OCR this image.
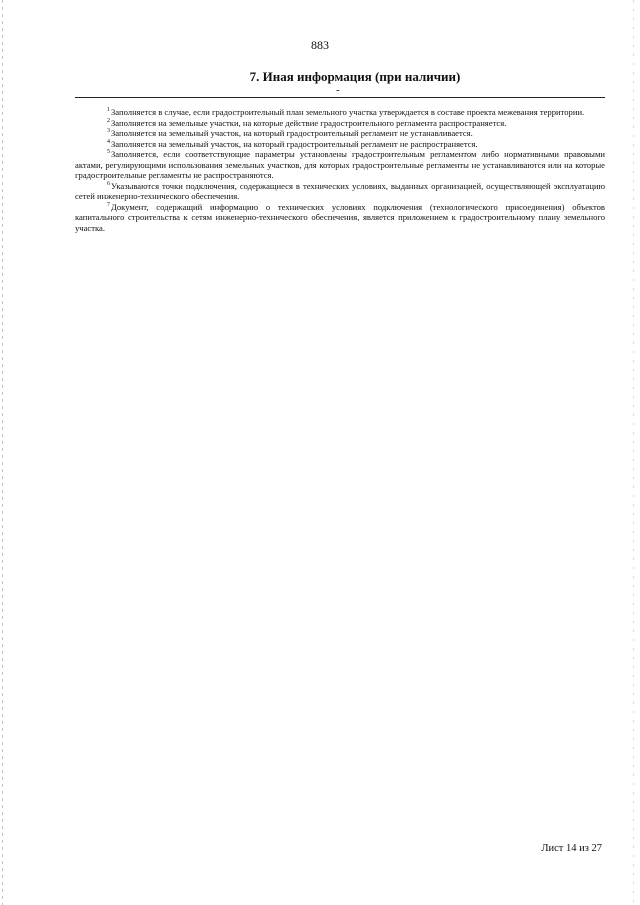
883
7. Иная информация (при наличии)
-

$^1$Заполняется в случае, если градостроительный план земельного участка утверждается в составе проекта межевания территории.

$^2$Заполняется на земельные участки, на которые действие градостроительного регламента распространяется.

$^3$Заполняется на земельный участок, на который градостроительный регламент не устанавливается.

$^4$Заполняется на земельный участок, на который градостроительный регламент не распространяется.

$^5$Заполняется, если соответствующие параметры установлены градостроительным регламентом либо нормативными правовыми актами, регулирующими использования земельных участков, для которых градостроительные регламенты не устанавливаются или на которые градостроительные регламенты не распространяются.

$^6$Указываются точки подключения, содержащиеся в технических условиях, выданных организацией, осуществляющей эксплуатацию сетей инженерно-технического обеспечения.

$^7$Документ, содержащий информацию о технических условиях подключения (технологического присоединения) объектов капитального строительства к сетям инженерно-технического обеспечения, является приложением к градостроительному плану земельного участка.

Лист 14 из 27
